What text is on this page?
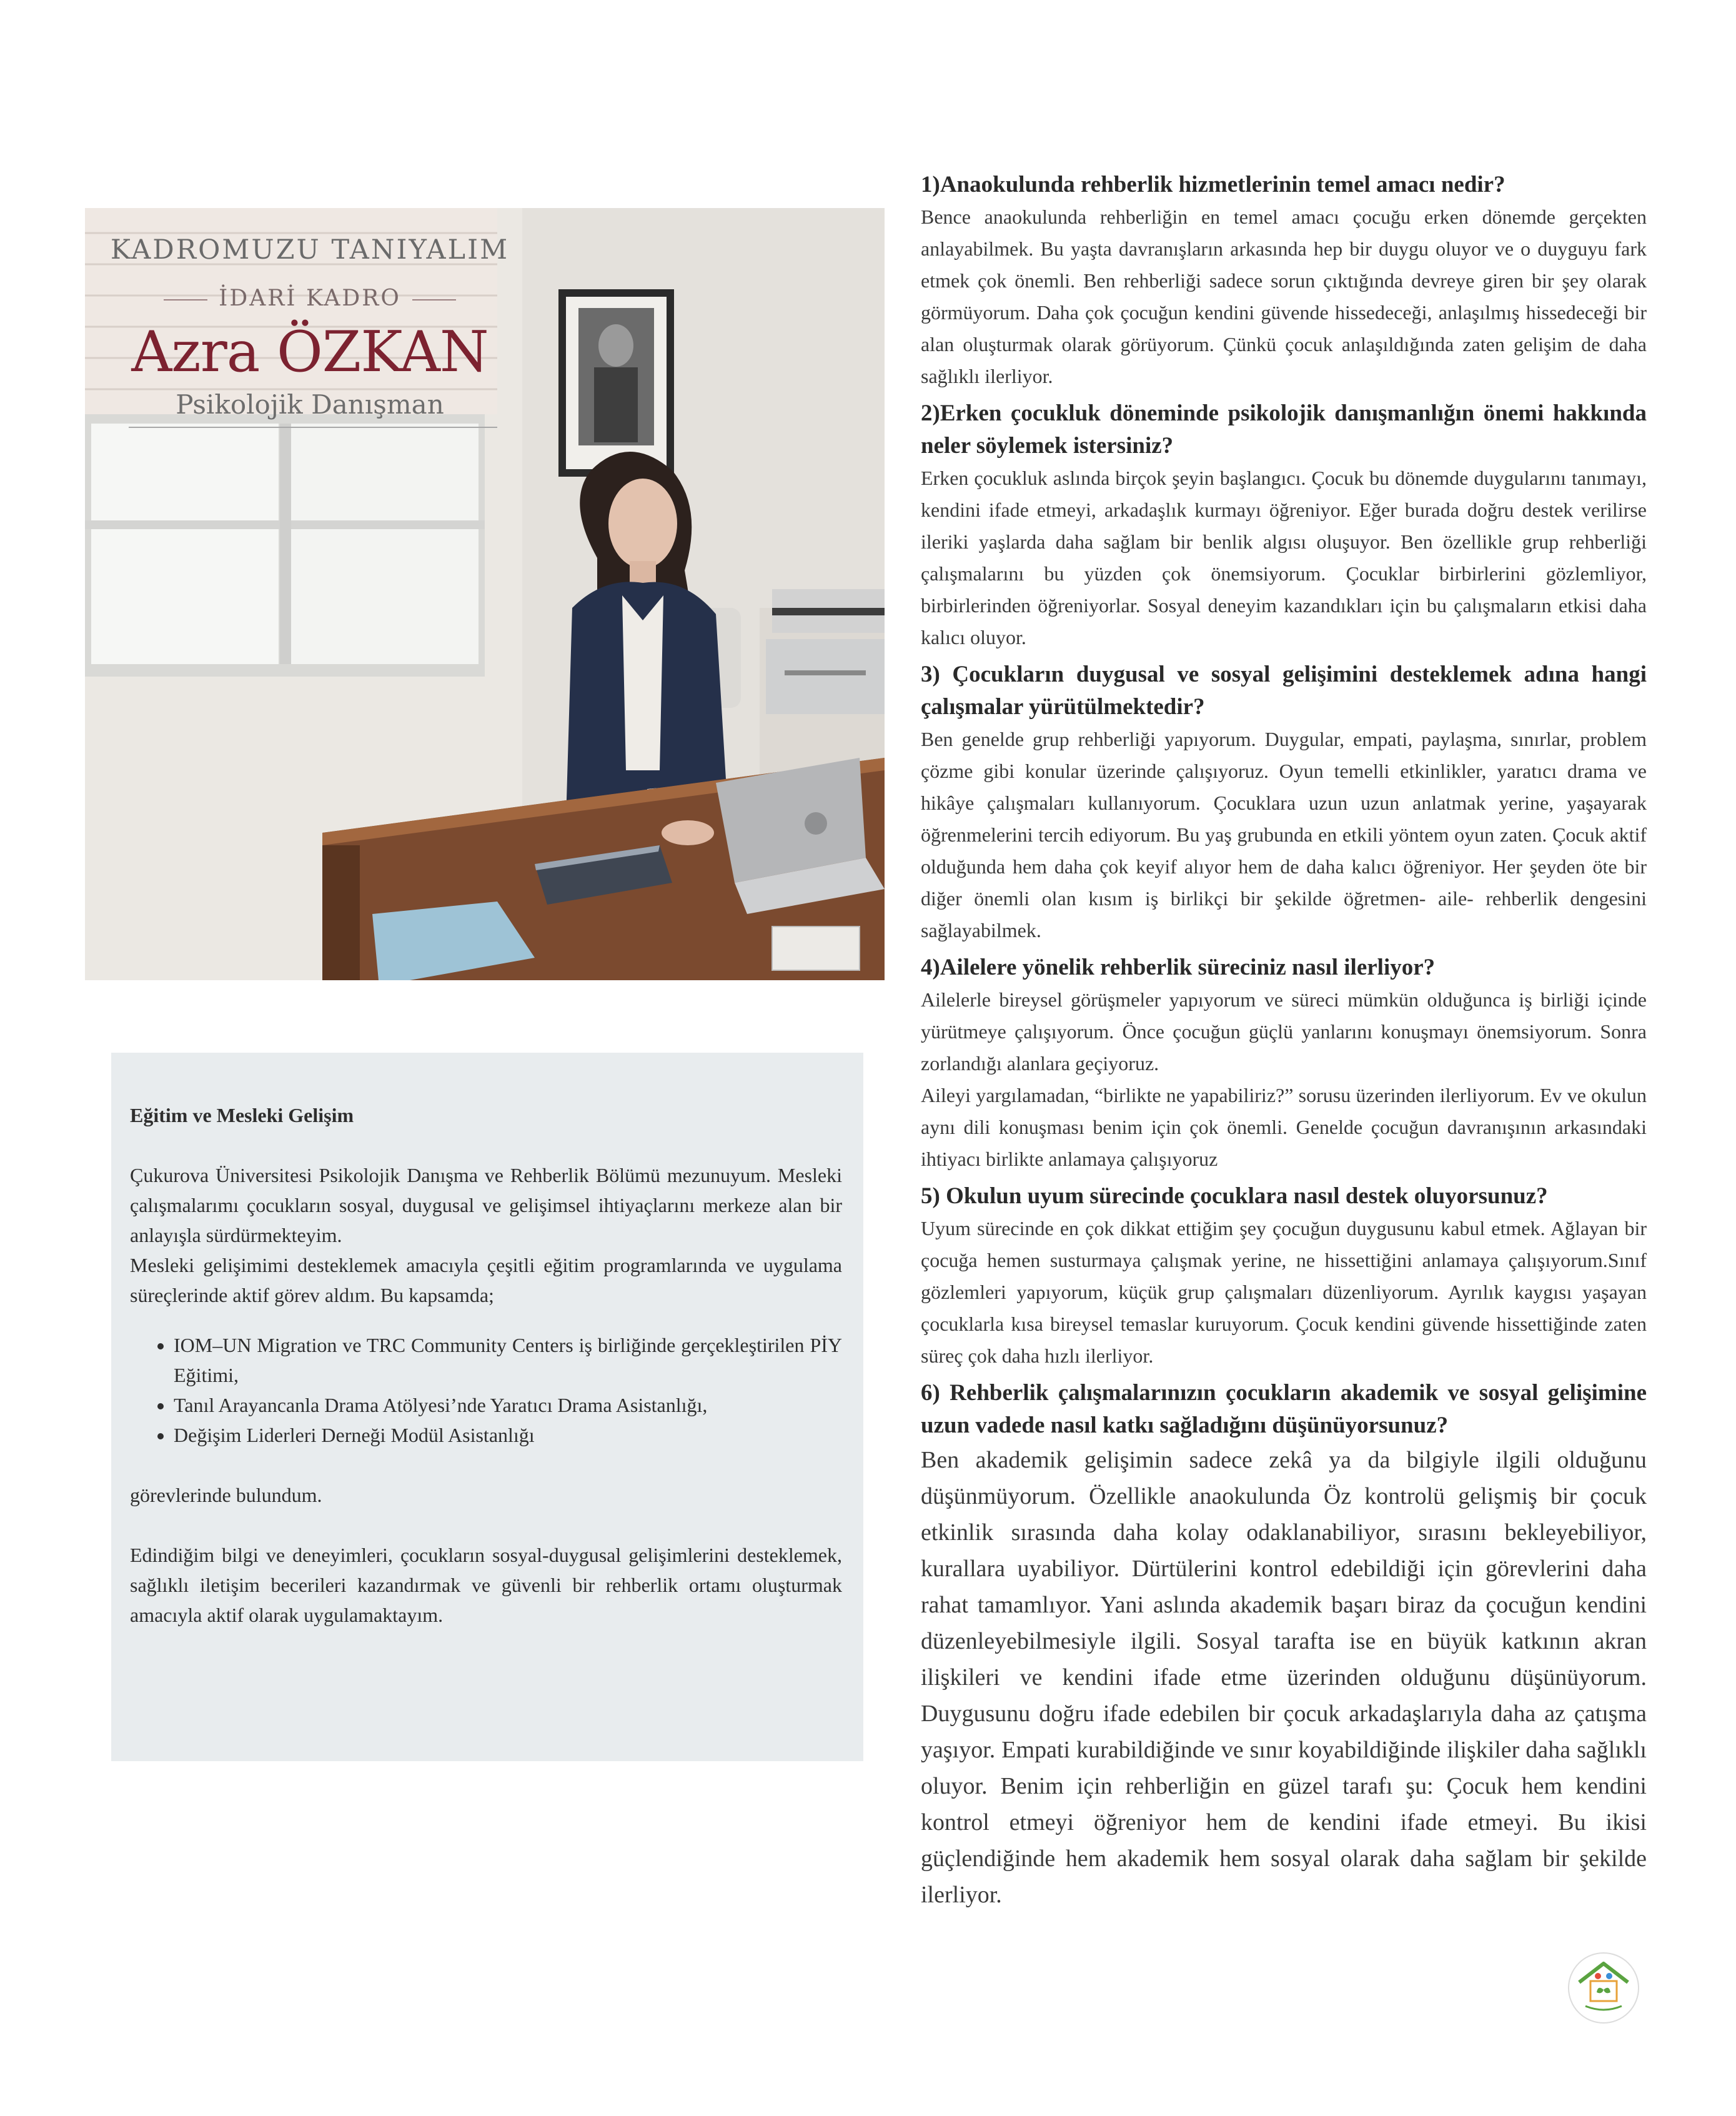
KADROMUZU TANIYALIM
İDARİ KADRO
Azra ÖZKAN
Psikolojik Danışman

Eğitim ve Mesleki Gelişim

Çukurova Üniversitesi Psikolojik Danışma ve Rehberlik Bölümü mezunuyum. Mesleki çalışmalarımı çocukların sosyal, duygusal ve gelişimsel ihtiyaçlarını merkeze alan bir anlayışla sürdürmekteyim.

Mesleki gelişimimi desteklemek amacıyla çeşitli eğitim programlarında ve uygulama süreçlerinde aktif görev aldım. Bu kapsamda;

• IOM–UN Migration ve TRC Community Centers iş birliğinde gerçekleştirilen PİY Eğitimi,
• Tanıl Arayancanla Drama Atölyesi’nde Yaratıcı Drama Asistanlığı,
• Değişim Liderleri Derneği Modül Asistanlığı

görevlerinde bulundum.

Edindiğim bilgi ve deneyimleri, çocukların sosyal-duygusal gelişimlerini desteklemek, sağlıklı iletişim becerileri kazandırmak ve güvenli bir rehberlik ortamı oluşturmak amacıyla aktif olarak uygulamaktayım.

1)Anaokulunda rehberlik hizmetlerinin temel amacı nedir?

Bence anaokulunda rehberliğin en temel amacı çocuğu erken dönemde gerçekten anlayabilmek. Bu yaşta davranışların arkasında hep bir duygu oluyor ve o duyguyu fark etmek çok önemli. Ben rehberliği sadece sorun çıktığında devreye giren bir şey olarak görmüyorum. Daha çok çocuğun kendini güvende hissedeceği, anlaşılmış hissedeceği bir alan oluşturmak olarak görüyorum. Çünkü çocuk anlaşıldığında zaten gelişim de daha sağlıklı ilerliyor.

2)Erken çocukluk döneminde psikolojik danışmanlığın önemi hakkında neler söylemek istersiniz?

Erken çocukluk aslında birçok şeyin başlangıcı. Çocuk bu dönemde duygularını tanımayı, kendini ifade etmeyi, arkadaşlık kurmayı öğreniyor. Eğer burada doğru destek verilirse ileriki yaşlarda daha sağlam bir benlik algısı oluşuyor. Ben özellikle grup rehberliği çalışmalarını bu yüzden çok önemsiyorum. Çocuklar birbirlerini gözlemliyor, birbirlerinden öğreniyorlar. Sosyal deneyim kazandıkları için bu çalışmaların etkisi daha kalıcı oluyor.

3) Çocukların duygusal ve sosyal gelişimini desteklemek adına hangi çalışmalar yürütülmektedir?

Ben genelde grup rehberliği yapıyorum. Duygular, empati, paylaşma, sınırlar, problem çözme gibi konular üzerinde çalışıyoruz. Oyun temelli etkinlikler, yaratıcı drama ve hikâye çalışmaları kullanıyorum. Çocuklara uzun uzun anlatmak yerine, yaşayarak öğrenmelerini tercih ediyorum. Bu yaş grubunda en etkili yöntem oyun zaten. Çocuk aktif olduğunda hem daha çok keyif alıyor hem de daha kalıcı öğreniyor. Her şeyden öte bir diğer önemli olan kısım iş birlikçi bir şekilde öğretmen- aile- rehberlik dengesini sağlayabilmek.

4)Ailelere yönelik rehberlik süreciniz nasıl ilerliyor?

Ailelerle bireysel görüşmeler yapıyorum ve süreci mümkün olduğunca iş birliği içinde yürütmeye çalışıyorum. Önce çocuğun güçlü yanlarını konuşmayı önemsiyorum. Sonra zorlandığı alanlara geçiyoruz.

Aileyi yargılamadan, “birlikte ne yapabiliriz?” sorusu üzerinden ilerliyorum. Ev ve okulun aynı dili konuşması benim için çok önemli. Genelde çocuğun davranışının arkasındaki ihtiyacı birlikte anlamaya çalışıyoruz

5) Okulun uyum sürecinde çocuklara nasıl destek oluyorsunuz?

Uyum sürecinde en çok dikkat ettiğim şey çocuğun duygusunu kabul etmek. Ağlayan bir çocuğa hemen susturmaya çalışmak yerine, ne hissettiğini anlamaya çalışıyorum.Sınıf gözlemleri yapıyorum, küçük grup çalışmaları düzenliyorum. Ayrılık kaygısı yaşayan çocuklarla kısa bireysel temaslar kuruyorum. Çocuk kendini güvende hissettiğinde zaten süreç çok daha hızlı ilerliyor.

6) Rehberlik çalışmalarınızın çocukların akademik ve sosyal gelişimine uzun vadede nasıl katkı sağladığını düşünüyorsunuz?

Ben akademik gelişimin sadece zekâ ya da bilgiyle ilgili olduğunu düşünmüyorum. Özellikle anaokulunda Öz kontrolü gelişmiş bir çocuk etkinlik sırasında daha kolay odaklanabiliyor, sırasını bekleyebiliyor, kurallara uyabiliyor. Dürtülerini kontrol edebildiği için görevlerini daha rahat tamamlıyor. Yani aslında akademik başarı biraz da çocuğun kendini düzenleyebilmesiyle ilgili. Sosyal tarafta ise en büyük katkının akran ilişkileri ve kendini ifade etme üzerinden olduğunu düşünüyorum. Duygusunu doğru ifade edebilen bir çocuk arkadaşlarıyla daha az çatışma yaşıyor. Empati kurabildiğinde ve sınır koyabildiğinde ilişkiler daha sağlıklı oluyor. Benim için rehberliğin en güzel tarafı şu: Çocuk hem kendini kontrol etmeyi öğreniyor hem de kendini ifade etmeyi. Bu ikisi güçlendiğinde hem akademik hem sosyal olarak daha sağlam bir şekilde ilerliyor.
